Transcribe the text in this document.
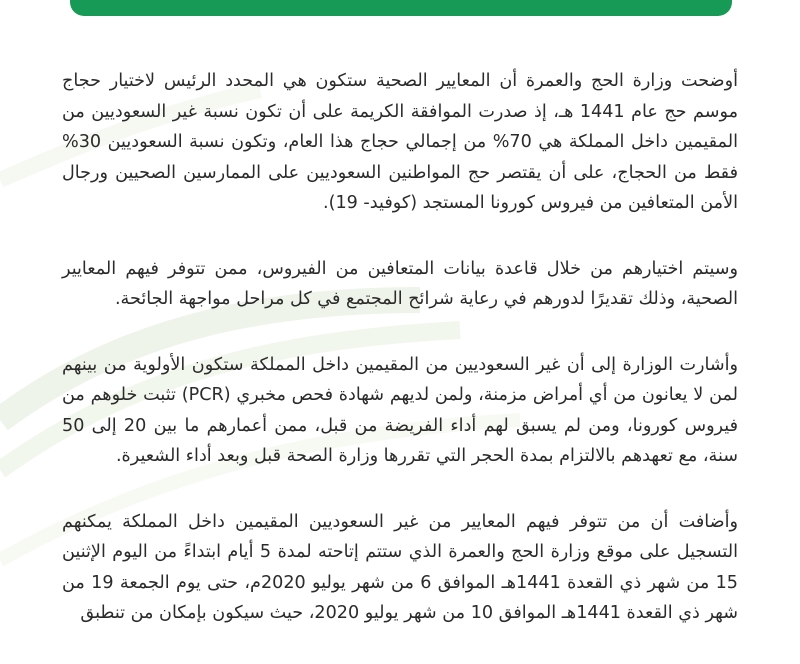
أوضحت وزارة الحج والعمرة أن المعايير الصحية ستكون هي المحدد الرئيس لاختيار حجاج موسم حج عام 1441 هـ، إذ صدرت الموافقة الكريمة على أن تكون نسبة غير السعوديين من المقيمين داخل المملكة هي 70% من إجمالي حجاج هذا العام، وتكون نسبة السعوديين 30% فقط من الحجاج، على أن يقتصر حج المواطنين السعوديين على الممارسين الصحيين ورجال الأمن المتعافين من فيروس كورونا المستجد (كوفيد- 19).

وسيتم اختيارهم من خلال قاعدة بيانات المتعافين من الفيروس، ممن تتوفر فيهم المعايير الصحية، وذلك تقديرًا لدورهم في رعاية شرائح المجتمع في كل مراحل مواجهة الجائحة.

وأشارت الوزارة إلى أن غير السعوديين من المقيمين داخل المملكة ستكون الأولوية من بينهم لمن لا يعانون من أي أمراض مزمنة، ولمن لديهم شهادة فحص مخبري (PCR) تثبت خلوهم من فيروس كورونا، ومن لم يسبق لهم أداء الفريضة من قبل، ممن أعمارهم ما بين 20 إلى 50 سنة، مع تعهدهم بالالتزام بمدة الحجر التي تقررها وزارة الصحة قبل وبعد أداء الشعيرة.

وأضافت أن من تتوفر فيهم المعايير من غير السعوديين المقيمين داخل المملكة يمكنهم التسجيل على موقع وزارة الحج والعمرة الذي ستتم إتاحته لمدة 5 أيام ابتداءً من اليوم الإثنين 15 من شهر ذي القعدة 1441هـ الموافق 6 من شهر يوليو 2020م، حتى يوم الجمعة 19 من شهر ذي القعدة 1441هـ الموافق 10 من شهر يوليو 2020، حيث سيكون بإمكان من تنطبق
